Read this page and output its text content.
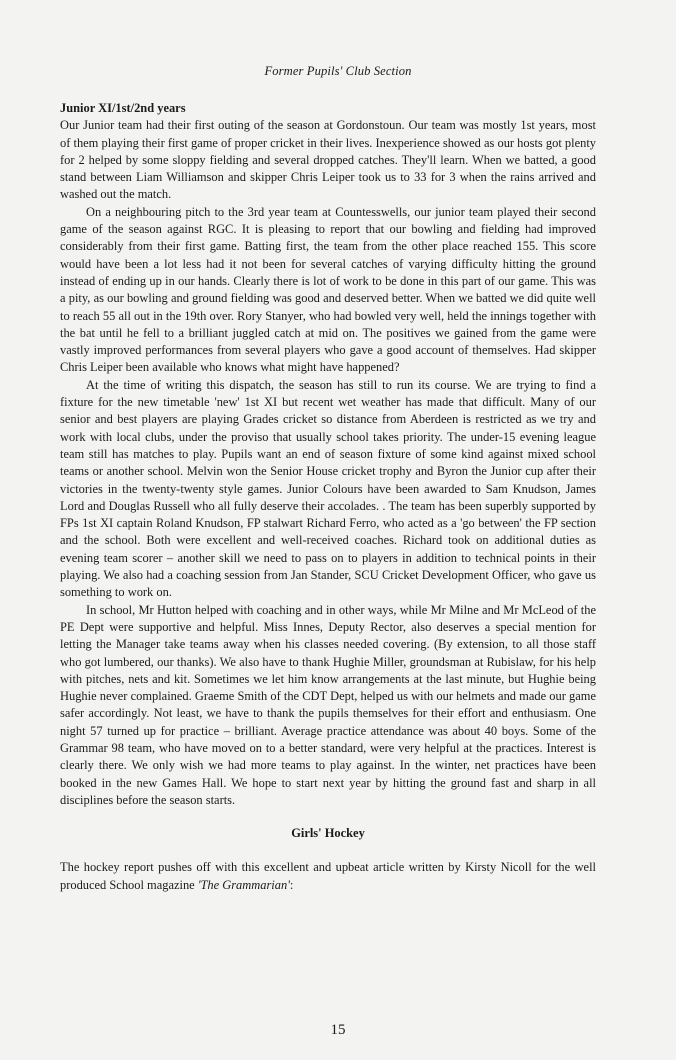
Former Pupils' Club Section

Junior XI/1st/2nd years

Our Junior team had their first outing of the season at Gordonstoun. Our team was mostly 1st years, most of them playing their first game of proper cricket in their lives. Inexperience showed as our hosts got plenty for 2 helped by some sloppy fielding and several dropped catches. They'll learn. When we batted, a good stand between Liam Williamson and skipper Chris Leiper took us to 33 for 3 when the rains arrived and washed out the match.

On a neighbouring pitch to the 3rd year team at Countesswells, our junior team played their second game of the season against RGC. It is pleasing to report that our bowling and fielding had improved considerably from their first game. Batting first, the team from the other place reached 155. This score would have been a lot less had it not been for several catches of varying difficulty hitting the ground instead of ending up in our hands. Clearly there is lot of work to be done in this part of our game. This was a pity, as our bowling and ground fielding was good and deserved better. When we batted we did quite well to reach 55 all out in the 19th over. Rory Stanyer, who had bowled very well, held the innings together with the bat until he fell to a brilliant juggled catch at mid on. The positives we gained from the game were vastly improved performances from several players who gave a good account of themselves. Had skipper Chris Leiper been available who knows what might have happened?

At the time of writing this dispatch, the season has still to run its course. We are trying to find a fixture for the new timetable 'new' 1st XI but recent wet weather has made that difficult. Many of our senior and best players are playing Grades cricket so distance from Aberdeen is restricted as we try and work with local clubs, under the proviso that usually school takes priority. The under-15 evening league team still has matches to play. Pupils want an end of season fixture of some kind against mixed school teams or another school. Melvin won the Senior House cricket trophy and Byron the Junior cup after their victories in the twenty-twenty style games. Junior Colours have been awarded to Sam Knudson, James Lord and Douglas Russell who all fully deserve their accolades. . The team has been superbly supported by FPs 1st XI captain Roland Knudson, FP stalwart Richard Ferro, who acted as a 'go between' the FP section and the school. Both were excellent and well-received coaches. Richard took on additional duties as evening team scorer – another skill we need to pass on to players in addition to technical points in their playing. We also had a coaching session from Jan Stander, SCU Cricket Development Officer, who gave us something to work on.

In school, Mr Hutton helped with coaching and in other ways, while Mr Milne and Mr McLeod of the PE Dept were supportive and helpful. Miss Innes, Deputy Rector, also deserves a special mention for letting the Manager take teams away when his classes needed covering. (By extension, to all those staff who got lumbered, our thanks). We also have to thank Hughie Miller, groundsman at Rubislaw, for his help with pitches, nets and kit. Sometimes we let him know arrangements at the last minute, but Hughie being Hughie never complained. Graeme Smith of the CDT Dept, helped us with our helmets and made our game safer accordingly. Not least, we have to thank the pupils themselves for their effort and enthusiasm. One night 57 turned up for practice – brilliant. Average practice attendance was about 40 boys. Some of the Grammar 98 team, who have moved on to a better standard, were very helpful at the practices. Interest is clearly there. We only wish we had more teams to play against. In the winter, net practices have been booked in the new Games Hall. We hope to start next year by hitting the ground fast and sharp in all disciplines before the season starts.

Girls' Hockey

The hockey report pushes off with this excellent and upbeat article written by Kirsty Nicoll for the well produced School magazine 'The Grammarian':

15
